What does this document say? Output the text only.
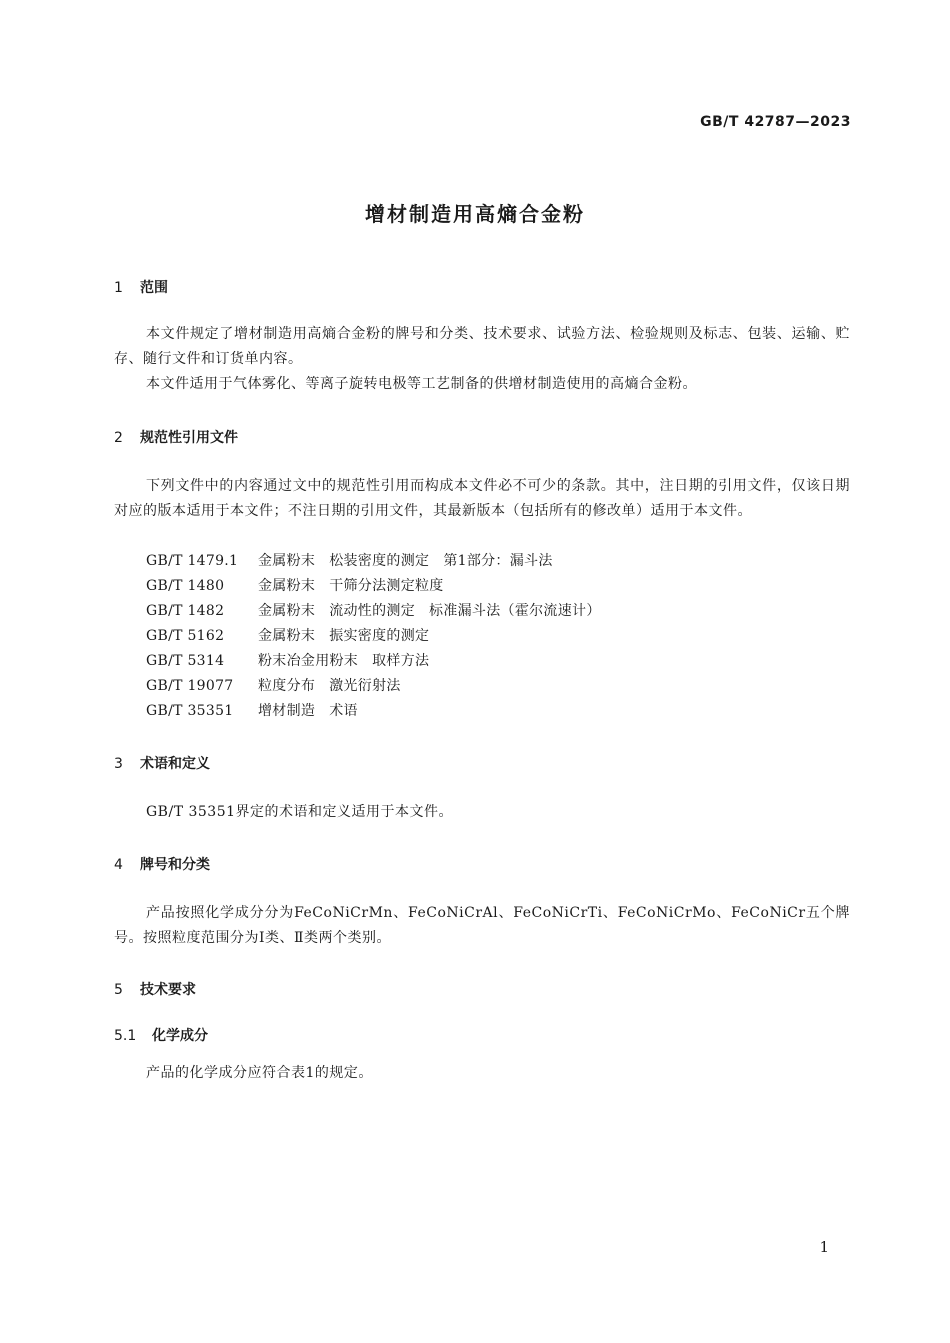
GB/T 42787—2023
增材制造用高熵合金粉
1 范围

本文件规定了增材制造用高熵合金粉的牌号和分类、技术要求、试验方法、检验规则及标志、包装、运输、贮存、随行文件和订货单内容。

本文件适用于气体雾化、等离子旋转电极等工艺制备的供增材制造使用的高熵合金粉。

2 规范性引用文件

下列文件中的内容通过文中的规范性引用而构成本文件必不可少的条款。其中，注日期的引用文件，仅该日期对应的版本适用于本文件；不注日期的引用文件，其最新版本（包括所有的修改单）适用于本文件。

GB/T 1479.1 金属粉末 松装密度的测定 第1部分：漏斗法
GB/T 1480 金属粉末 干筛分法测定粒度
GB/T 1482 金属粉末 流动性的测定 标准漏斗法（霍尔流速计）
GB/T 5162 金属粉末 振实密度的测定
GB/T 5314 粉末冶金用粉末 取样方法
GB/T 19077 粒度分布 激光衍射法
GB/T 35351 增材制造 术语
3 术语和定义

GB/T 35351界定的术语和定义适用于本文件。

4 牌号和分类

产品按照化学成分分为FeCoNiCrMn、FeCoNiCrAl、FeCoNiCrTi、FeCoNiCrMo、FeCoNiCr五个牌号。按照粒度范围分为Ⅰ类、Ⅱ类两个类别。

5 技术要求
5.1 化学成分

产品的化学成分应符合表1的规定。

1
